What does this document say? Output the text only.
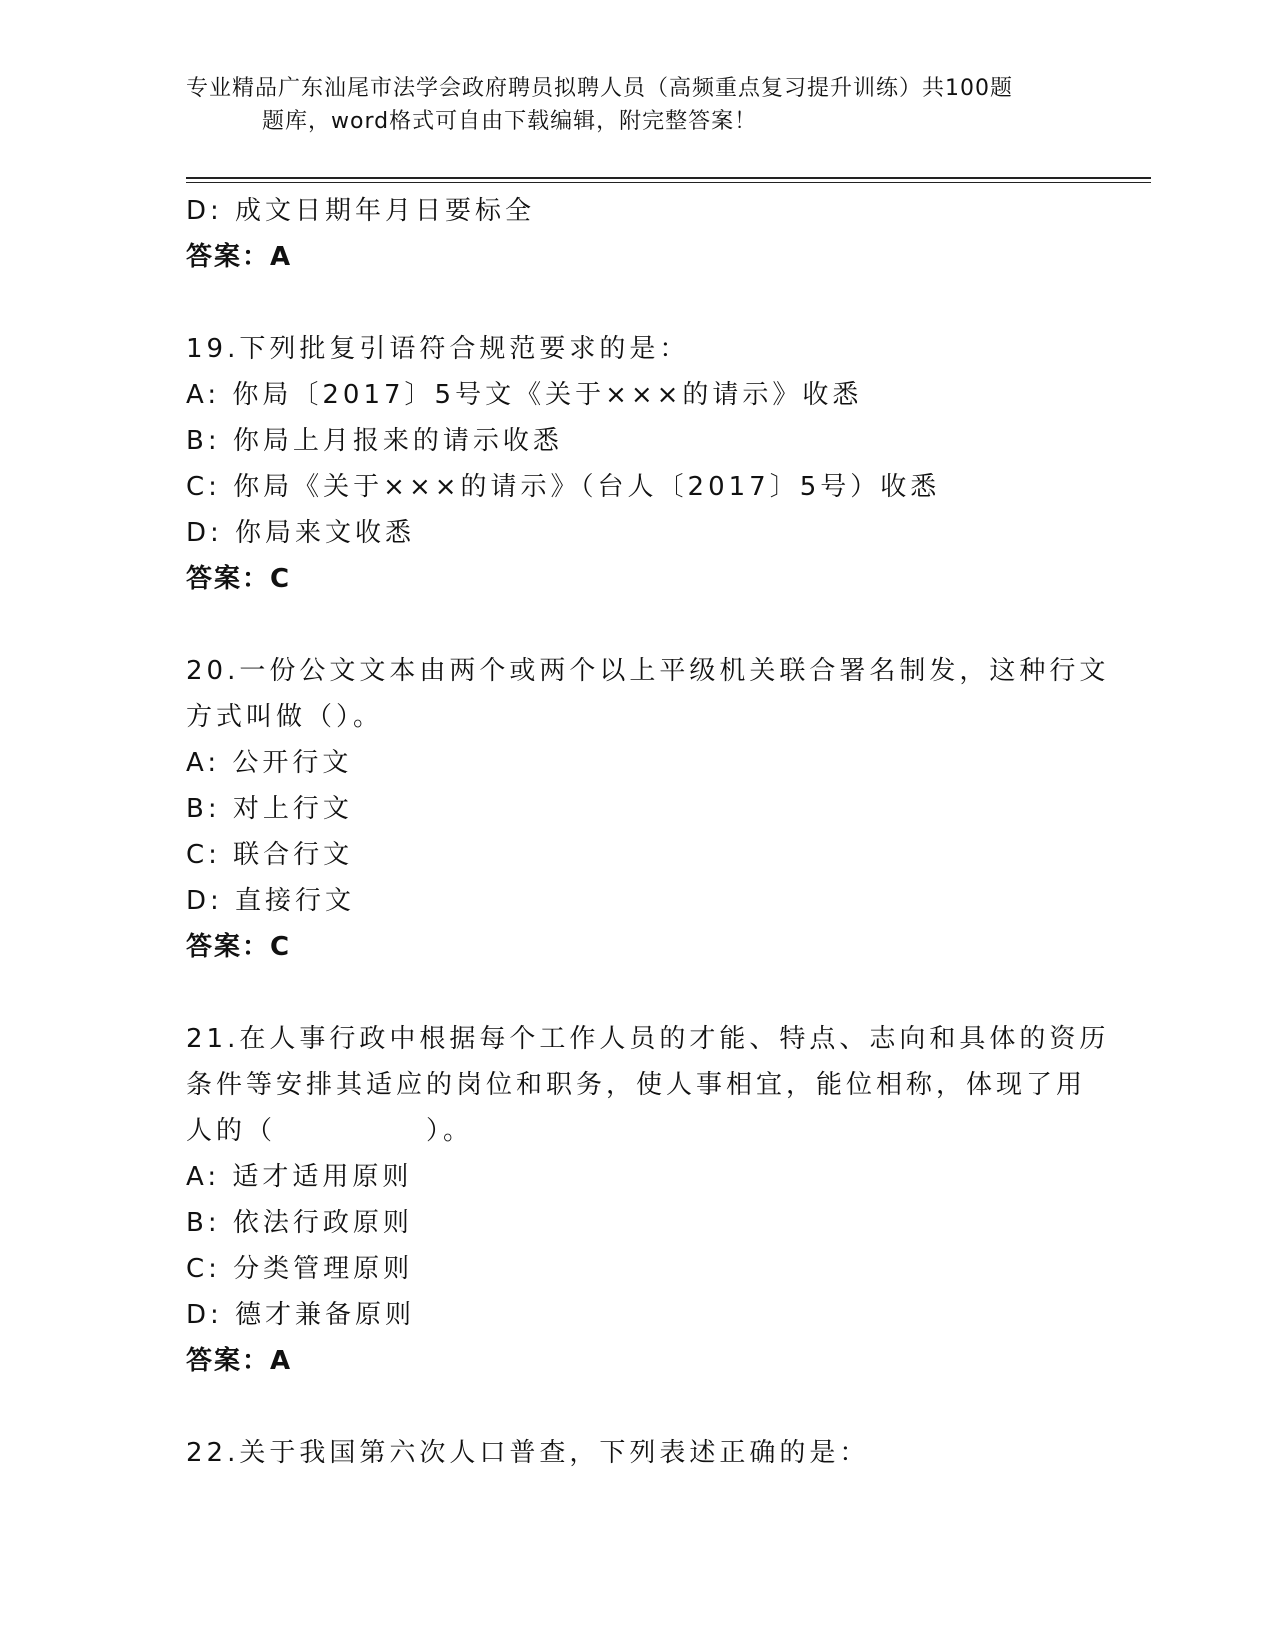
专业精品广东汕尾市法学会政府聘员拟聘人员（高频重点复习提升训练）共100题
题库，word格式可自由下载编辑，附完整答案！
D: 成文日期年月日要标全
答案：A
19.下列批复引语符合规范要求的是：
A: 你局〔2017〕5号文《关于×××的请示》收悉
B: 你局上月报来的请示收悉
C: 你局《关于×××的请示》（台人〔2017〕5号）收悉
D: 你局来文收悉
答案：C
20.一份公文文本由两个或两个以上平级机关联合署名制发，这种行文
方式叫做（）。
A: 公开行文
B: 对上行文
C: 联合行文
D: 直接行文
答案：C
21.在人事行政中根据每个工作人员的才能、特点、志向和具体的资历
条件等安排其适应的岗位和职务，使人事相宜，能位相称，体现了用
人的（　　　　　）。
A: 适才适用原则
B: 依法行政原则
C: 分类管理原则
D: 德才兼备原则
答案：A
22.关于我国第六次人口普查，下列表述正确的是：
